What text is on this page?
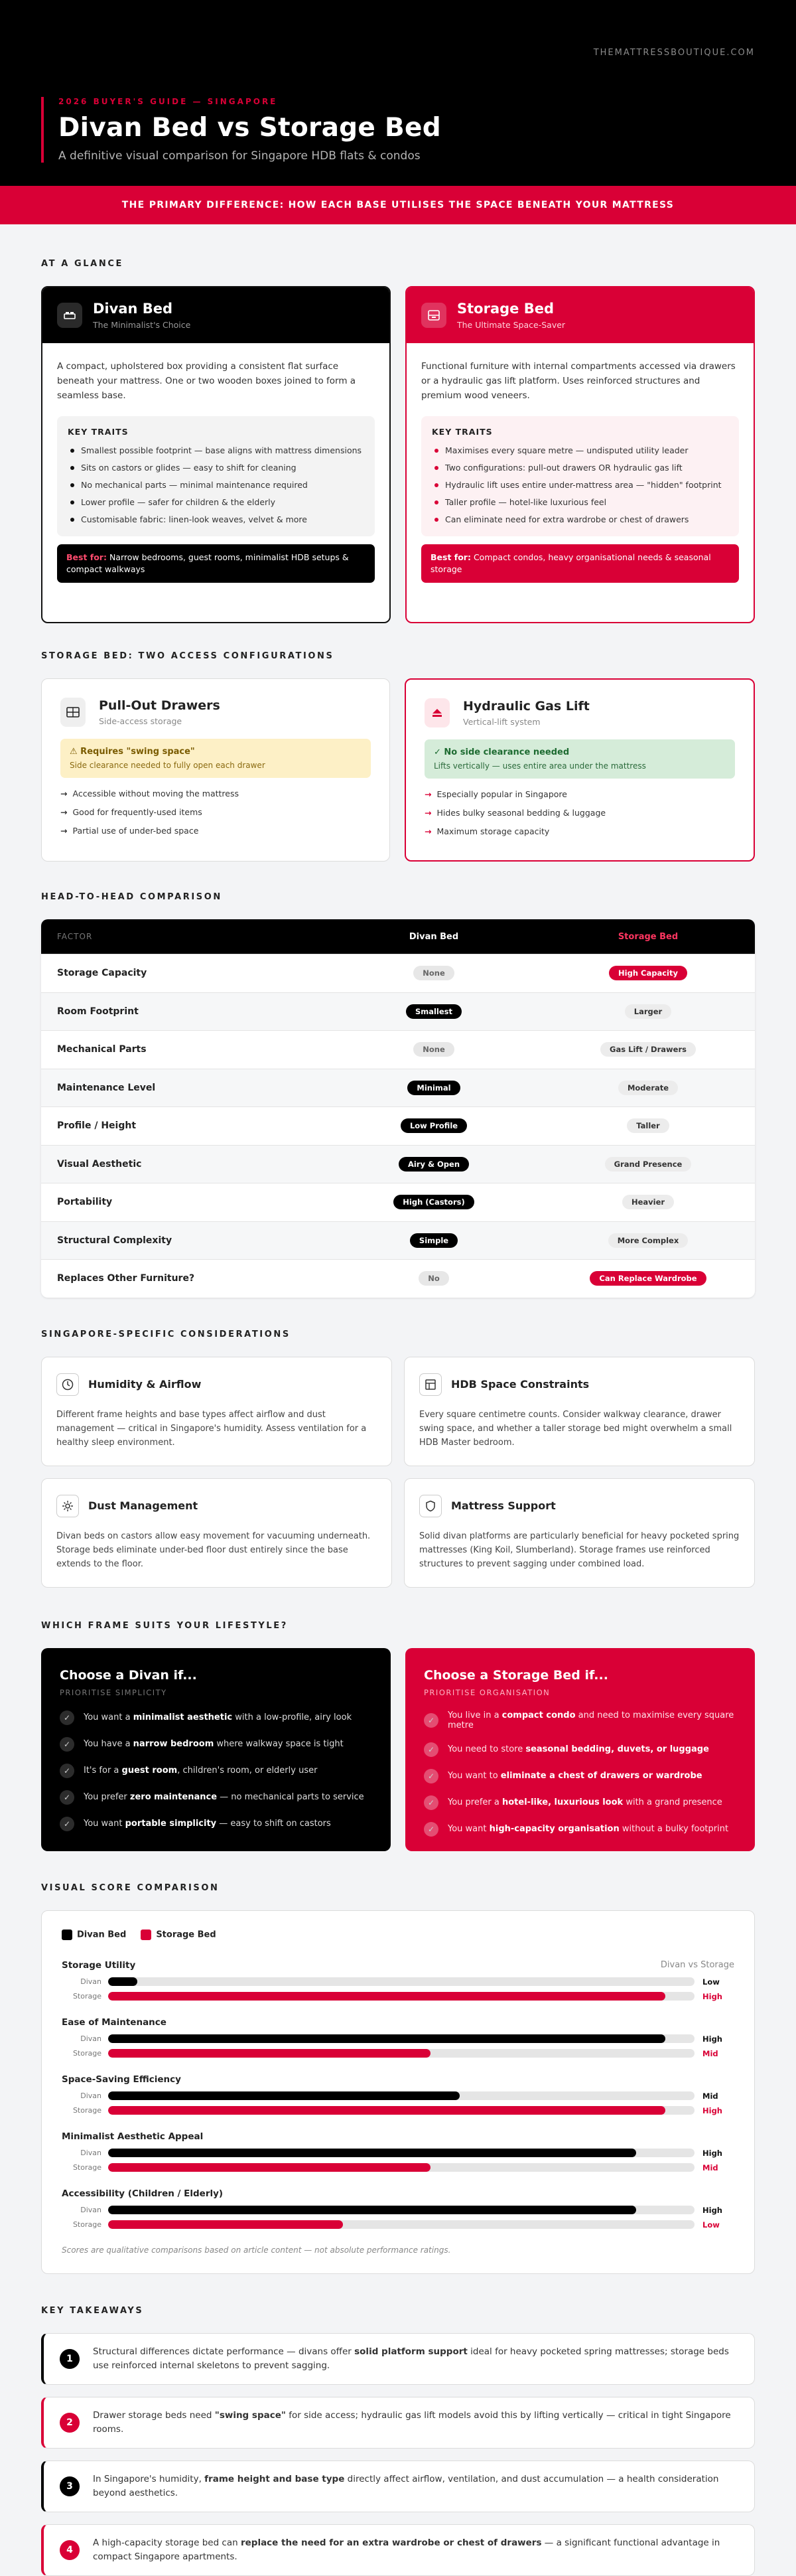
THEMATTRESSBOUTIQUE.COM
2026 BUYER'S GUIDE — SINGAPORE
Divan Bed vs Storage Bed
A definitive visual comparison for Singapore HDB flats & condos
THE PRIMARY DIFFERENCE: HOW EACH BASE UTILISES THE SPACE BENEATH YOUR MATTRESS
AT A GLANCE
Divan Bed
The Minimalist's Choice

A compact, upholstered box providing a consistent flat surface beneath your mattress. One or two wooden boxes joined to form a seamless base.

KEY TRAITS
Smallest possible footprint — base aligns with mattress dimensions
Sits on castors or glides — easy to shift for cleaning
No mechanical parts — minimal maintenance required
Lower profile — safer for children & the elderly
Customisable fabric: linen-look weaves, velvet & more
Best for: Narrow bedrooms, guest rooms, minimalist HDB setups & compact walkways
Storage Bed
The Ultimate Space-Saver

Functional furniture with internal compartments accessed via drawers or a hydraulic gas lift platform. Uses reinforced structures and premium wood veneers.

KEY TRAITS
Maximises every square metre — undisputed utility leader
Two configurations: pull-out drawers OR hydraulic gas lift
Hydraulic lift uses entire under-mattress area — "hidden" footprint
Taller profile — hotel-like luxurious feel
Can eliminate need for extra wardrobe or chest of drawers
Best for: Compact condos, heavy organisational needs & seasonal storage
STORAGE BED: TWO ACCESS CONFIGURATIONS
Pull-Out Drawers
Side-access storage
⚠ Requires "swing space"
Side clearance needed to fully open each drawer
→ Accessible without moving the mattress
→ Good for frequently-used items
→ Partial use of under-bed space
Hydraulic Gas Lift
Vertical-lift system
✓ No side clearance needed
Lifts vertically — uses entire area under the mattress
→ Especially popular in Singapore
→ Hides bulky seasonal bedding & luggage
→ Maximum storage capacity
HEAD-TO-HEAD COMPARISON
FACTOR	Divan Bed	Storage Bed
Storage Capacity	None	High Capacity
Room Footprint	Smallest	Larger
Mechanical Parts	None	Gas Lift / Drawers
Maintenance Level	Minimal	Moderate
Profile / Height	Low Profile	Taller
Visual Aesthetic	Airy & Open	Grand Presence
Portability	High (Castors)	Heavier
Structural Complexity	Simple	More Complex
Replaces Other Furniture?	No	Can Replace Wardrobe
SINGAPORE-SPECIFIC CONSIDERATIONS
Humidity & Airflow

Different frame heights and base types affect airflow and dust management — critical in Singapore's humidity. Assess ventilation for a healthy sleep environment.

HDB Space Constraints

Every square centimetre counts. Consider walkway clearance, drawer swing space, and whether a taller storage bed might overwhelm a small HDB Master bedroom.

Dust Management

Divan beds on castors allow easy movement for vacuuming underneath. Storage beds eliminate under-bed floor dust entirely since the base extends to the floor.

Mattress Support

Solid divan platforms are particularly beneficial for heavy pocketed spring mattresses (King Koil, Slumberland). Storage frames use reinforced structures to prevent sagging under combined load.

WHICH FRAME SUITS YOUR LIFESTYLE?
Choose a Divan if...
PRIORITISE SIMPLICITY
✓	You want a minimalist aesthetic with a low-profile, airy look
✓	You have a narrow bedroom where walkway space is tight
✓	It's for a guest room, children's room, or elderly user
✓	You prefer zero maintenance — no mechanical parts to service
✓	You want portable simplicity — easy to shift on castors
Choose a Storage Bed if...
PRIORITISE ORGANISATION
✓	You live in a compact condo and need to maximise every square metre
✓	You need to store seasonal bedding, duvets, or luggage
✓	You want to eliminate a chest of drawers or wardrobe
✓	You prefer a hotel-like, luxurious look with a grand presence
✓	You want high-capacity organisation without a bulky footprint
VISUAL SCORE COMPARISON
Divan Bed	Storage Bed
Storage Utility	Divan vs Storage
Divan	Low
Storage	High
Ease of Maintenance
Divan	High
Storage	Mid
Space-Saving Efficiency
Divan	Mid
Storage	High
Minimalist Aesthetic Appeal
Divan	High
Storage	Mid
Accessibility (Children / Elderly)
Divan	High
Storage	Low
Scores are qualitative comparisons based on article content — not absolute performance ratings.
KEY TAKEAWAYS
1

Structural differences dictate performance — divans offer solid platform support ideal for heavy pocketed spring mattresses; storage beds use reinforced internal skeletons to prevent sagging.

2

Drawer storage beds need "swing space" for side access; hydraulic gas lift models avoid this by lifting vertically — critical in tight Singapore rooms.

3

In Singapore's humidity, frame height and base type directly affect airflow, ventilation, and dust accumulation — a health consideration beyond aesthetics.

4

A high-capacity storage bed can replace the need for an extra wardrobe or chest of drawers — a significant functional advantage in compact Singapore apartments.
